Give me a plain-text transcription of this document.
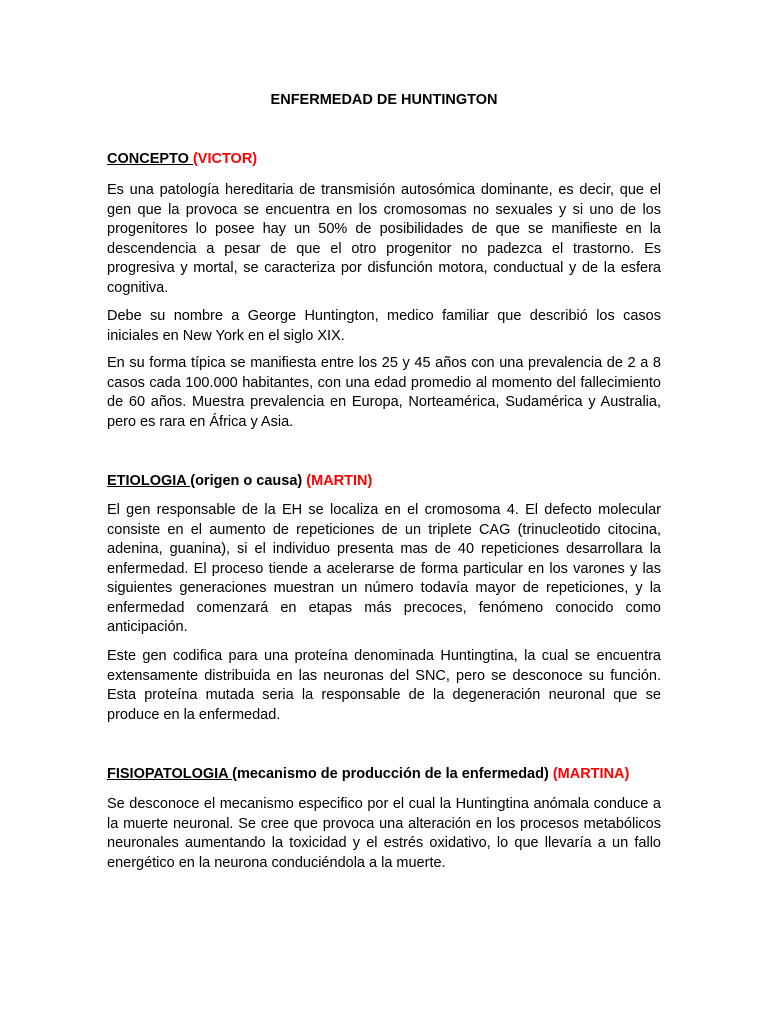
ENFERMEDAD DE HUNTINGTON
CONCEPTO (VICTOR)

Es una patología hereditaria de transmisión autosómica dominante, es decir, que el gen que la provoca se encuentra en los cromosomas no sexuales y si uno de los progenitores lo posee hay un 50% de posibilidades de que se manifieste en la descendencia a pesar de que el otro progenitor no padezca el trastorno. Es progresiva y mortal, se caracteriza por disfunción motora, conductual y de la esfera cognitiva.

Debe su nombre a George Huntington, medico familiar que describió los casos iniciales en New York en el siglo XIX.

En su forma típica se manifiesta entre los 25 y 45 años con una prevalencia de 2 a 8 casos cada 100.000 habitantes, con una edad promedio al momento del fallecimiento de 60 años. Muestra prevalencia en Europa, Norteamérica, Sudamérica y Australia, pero es rara en África y Asia.

ETIOLOGIA (origen o causa) (MARTIN)

El gen responsable de la EH se localiza en el cromosoma 4. El defecto molecular consiste en el aumento de repeticiones de un triplete CAG (trinucleotido citocina, adenina, guanina), si el individuo presenta mas de 40 repeticiones desarrollara la enfermedad. El proceso tiende a acelerarse de forma particular en los varones y las siguientes generaciones muestran un número todavía mayor de repeticiones, y la enfermedad comenzará en etapas más precoces, fenómeno conocido como anticipación.

Este gen codifica para una proteína denominada Huntingtina, la cual se encuentra extensamente distribuida en las neuronas del SNC, pero se desconoce su función. Esta proteína mutada seria la responsable de la degeneración neuronal que se produce en la enfermedad.

FISIOPATOLOGIA (mecanismo de producción de la enfermedad) (MARTINA)

Se desconoce el mecanismo especifico por el cual la Huntingtina anómala conduce a la muerte neuronal. Se cree que provoca una alteración en los procesos metabólicos neuronales aumentando la toxicidad y el estrés oxidativo, lo que llevaría a un fallo energético en la neurona conduciéndola a la muerte.
